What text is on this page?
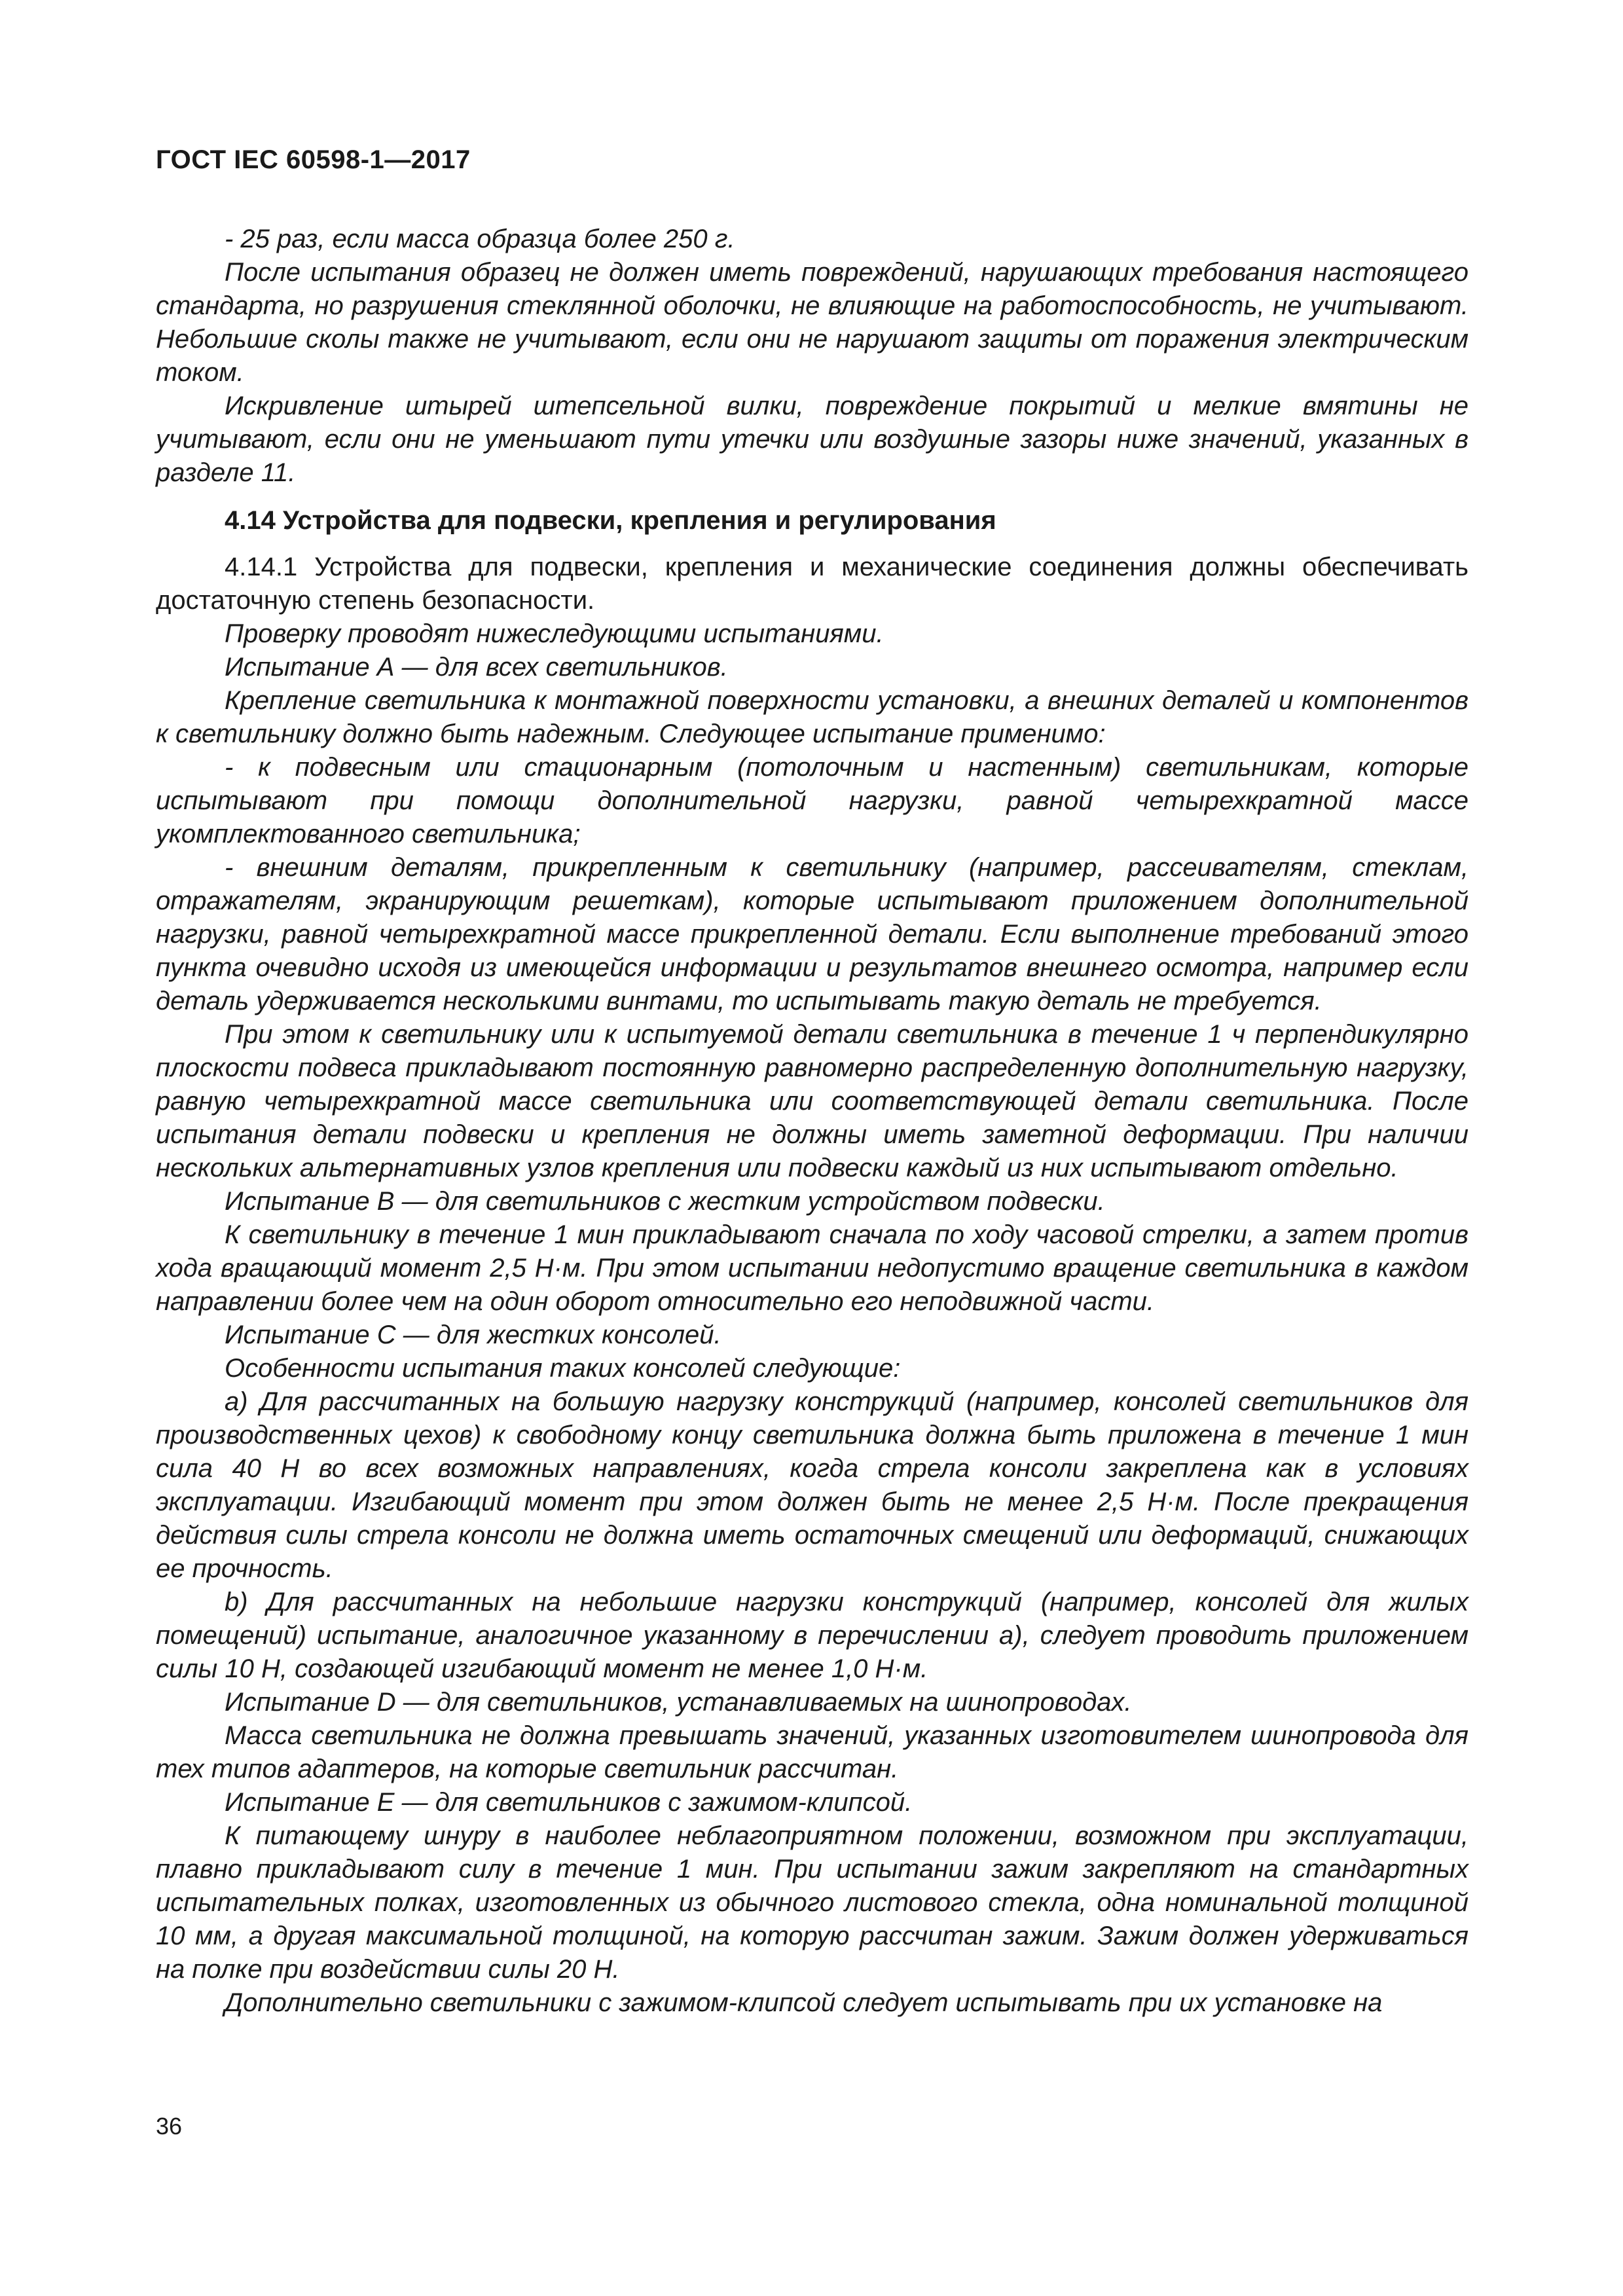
ГОСТ IEC 60598-1—2017

- 25 раз, если масса образца более 250 г.

После испытания образец не должен иметь повреждений, нарушающих требования настоящего стандарта, но разрушения стеклянной оболочки, не влияющие на работоспособность, не учитывают. Небольшие сколы также не учитывают, если они не нарушают защиты от поражения электрическим током.

Искривление штырей штепсельной вилки, повреждение покрытий и мелкие вмятины не учитывают, если они не уменьшают пути утечки или воздушные зазоры ниже значений, указанных в разделе 11.

4.14 Устройства для подвески, крепления и регулирования

4.14.1 Устройства для подвески, крепления и механические соединения должны обеспечивать достаточную степень безопасности.

Проверку проводят нижеследующими испытаниями.

Испытание А — для всех светильников.

Крепление светильника к монтажной поверхности установки, а внешних деталей и компонентов к светильнику должно быть надежным. Следующее испытание применимо:

- к подвесным или стационарным (потолочным и настенным) светильникам, которые испытывают при помощи дополнительной нагрузки, равной четырехкратной массе укомплектованного светильника;

- внешним деталям, прикрепленным к светильнику (например, рассеивателям, стеклам, отражателям, экранирующим решеткам), которые испытывают приложением дополнительной нагрузки, равной четырехкратной массе прикрепленной детали. Если выполнение требований этого пункта очевидно исходя из имеющейся информации и результатов внешнего осмотра, например если деталь удерживается несколькими винтами, то испытывать такую деталь не требуется.

При этом к светильнику или к испытуемой детали светильника в течение 1 ч перпендикулярно плоскости подвеса прикладывают постоянную равномерно распределенную дополнительную нагрузку, равную четырехкратной массе светильника или соответствующей детали светильника. После испытания детали подвески и крепления не должны иметь заметной деформации. При наличии нескольких альтернативных узлов крепления или подвески каждый из них испытывают отдельно.

Испытание В — для светильников с жестким устройством подвески.

К светильнику в течение 1 мин прикладывают сначала по ходу часовой стрелки, а затем против хода вращающий момент 2,5 Н·м. При этом испытании недопустимо вращение светильника в каждом направлении более чем на один оборот относительно его неподвижной части.

Испытание С — для жестких консолей.

Особенности испытания таких консолей следующие:

a) Для рассчитанных на большую нагрузку конструкций (например, консолей светильников для производственных цехов) к свободному концу светильника должна быть приложена в течение 1 мин сила 40 Н во всех возможных направлениях, когда стрела консоли закреплена как в условиях эксплуатации. Изгибающий момент при этом должен быть не менее 2,5 Н·м. После прекращения действия силы стрела консоли не должна иметь остаточных смещений или деформаций, снижающих ее прочность.

b) Для рассчитанных на небольшие нагрузки конструкций (например, консолей для жилых помещений) испытание, аналогичное указанному в перечислении а), следует проводить приложением силы 10 Н, создающей изгибающий момент не менее 1,0 Н·м.

Испытание D — для светильников, устанавливаемых на шинопроводах.

Масса светильника не должна превышать значений, указанных изготовителем шинопровода для тех типов адаптеров, на которые светильник рассчитан.

Испытание E — для светильников с зажимом-клипсой.

К питающему шнуру в наиболее неблагоприятном положении, возможном при эксплуатации, плавно прикладывают силу в течение 1 мин. При испытании зажим закрепляют на стандартных испытательных полках, изготовленных из обычного листового стекла, одна номинальной толщиной 10 мм, а другая максимальной толщиной, на которую рассчитан зажим. Зажим должен удерживаться на полке при воздействии силы 20 Н.

Дополнительно светильники с зажимом-клипсой следует испытывать при их установке на

36
